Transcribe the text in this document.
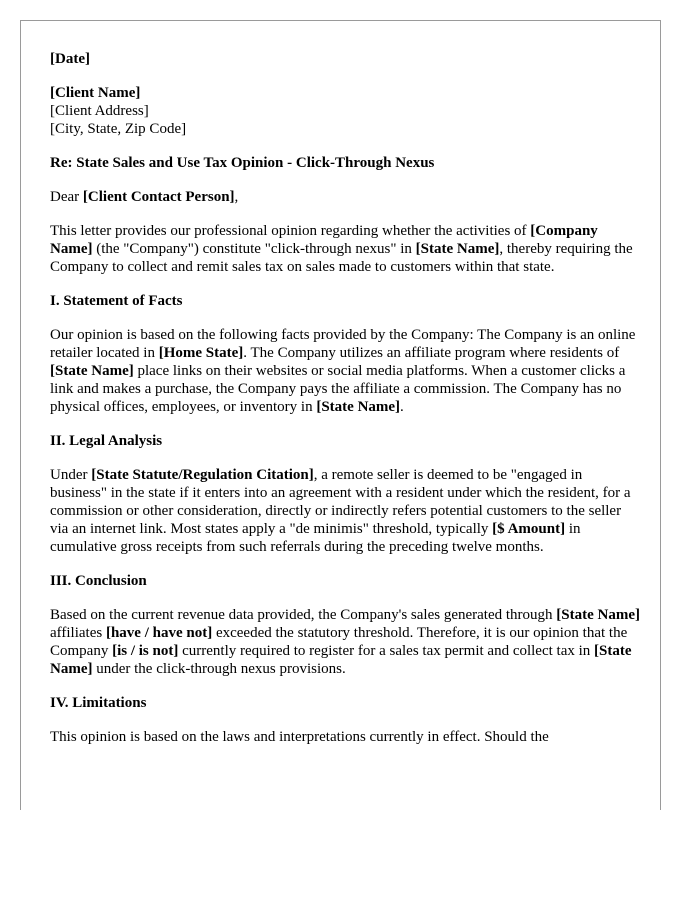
[Date]
[Client Name]
[Client Address]
[City, State, Zip Code]
Re: State Sales and Use Tax Opinion - Click-Through Nexus
Dear [Client Contact Person],
This letter provides our professional opinion regarding whether the activities of [Company Name] (the "Company") constitute "click-through nexus" in [State Name], thereby requiring the Company to collect and remit sales tax on sales made to customers within that state.
I. Statement of Facts
Our opinion is based on the following facts provided by the Company: The Company is an online retailer located in [Home State]. The Company utilizes an affiliate program where residents of [State Name] place links on their websites or social media platforms. When a customer clicks a link and makes a purchase, the Company pays the affiliate a commission. The Company has no physical offices, employees, or inventory in [State Name].
II. Legal Analysis
Under [State Statute/Regulation Citation], a remote seller is deemed to be "engaged in business" in the state if it enters into an agreement with a resident under which the resident, for a commission or other consideration, directly or indirectly refers potential customers to the seller via an internet link. Most states apply a "de minimis" threshold, typically [$ Amount] in cumulative gross receipts from such referrals during the preceding twelve months.
III. Conclusion
Based on the current revenue data provided, the Company's sales generated through [State Name] affiliates [have / have not] exceeded the statutory threshold. Therefore, it is our opinion that the Company [is / is not] currently required to register for a sales tax permit and collect tax in [State Name] under the click-through nexus provisions.
IV. Limitations
This opinion is based on the laws and interpretations currently in effect. Should the
